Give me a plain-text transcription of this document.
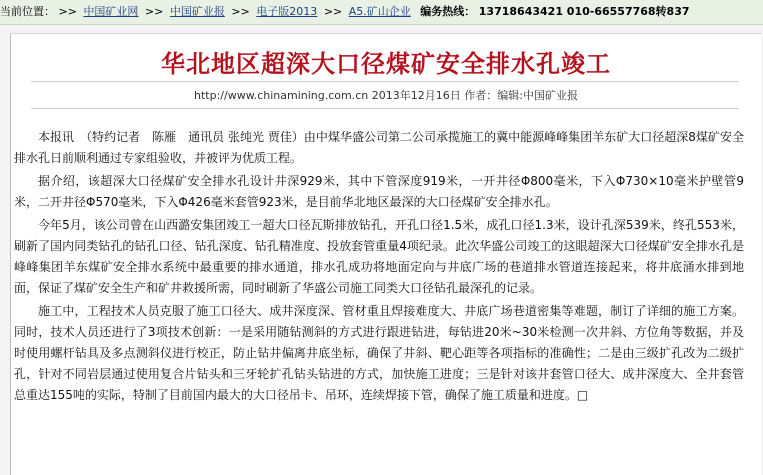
当前位置： >> 中国矿业网 >> 中国矿业报 >> 电子版2013 >> A5.矿山企业 编务热线： 13718643421 010-66557768转837
华北地区超深大口径煤矿安全排水孔竣工
http://www.chinamining.com.cn 2013年12月16日 作者：编辑:中国矿业报

本报讯　（特约记者　陈雁　通讯员 张纯光 贾佳）由中煤华盛公司第二公司承揽施工的冀中能源峰峰集团羊东矿大口径超深8煤矿安全排水孔日前顺利通过专家组验收，并被评为优质工程。

据介绍，该超深大口径煤矿安全排水孔设计井深929米，其中下管深度919米，一开井径Φ800毫米，下入Φ730×10毫米护壁管9米，二开井径Φ570毫米，下入Φ426毫米套管923米，是目前华北地区最深的大口径煤矿安全排水孔。

今年5月，该公司曾在山西潞安集团竣工一超大口径瓦斯排放钻孔，开孔口径1.5米，成孔口径1.3米，设计孔深539米，终孔553米，刷新了国内同类钻孔的钻孔口径、钻孔深度、钻孔精准度、投放套管重量4项纪录。此次华盛公司竣工的这眼超深大口径煤矿安全排水孔是峰峰集团羊东煤矿安全排水系统中最重要的排水通道，排水孔成功将地面定向与井底广场的巷道排水管道连接起来，将井底涌水排到地面，保证了煤矿安全生产和矿井救援所需，同时刷新了华盛公司施工同类大口径钻孔最深孔的记录。

施工中，工程技术人员克服了施工口径大、成井深度深、管材重且焊接难度大、井底广场巷道密集等难题，制订了详细的施工方案。同时，技术人员还进行了3项技术创新：一是采用随钻测斜的方式进行跟进钻进，每钻进20米~30米检测一次井斜、方位角等数据，并及时使用螺杆钻具及多点测斜仪进行校正，防止钻井偏离井底坐标，确保了井斜、靶心距等各项指标的准确性；二是由三级扩孔改为二级扩孔，针对不同岩层通过使用复合片钻头和三牙轮扩孔钻头钻进的方式，加快施工进度；三是针对该井套管口径大、成井深度大、全井套管总重达155吨的实际，特制了目前国内最大的大口径吊卡、吊环，连续焊接下管，确保了施工质量和进度。□
